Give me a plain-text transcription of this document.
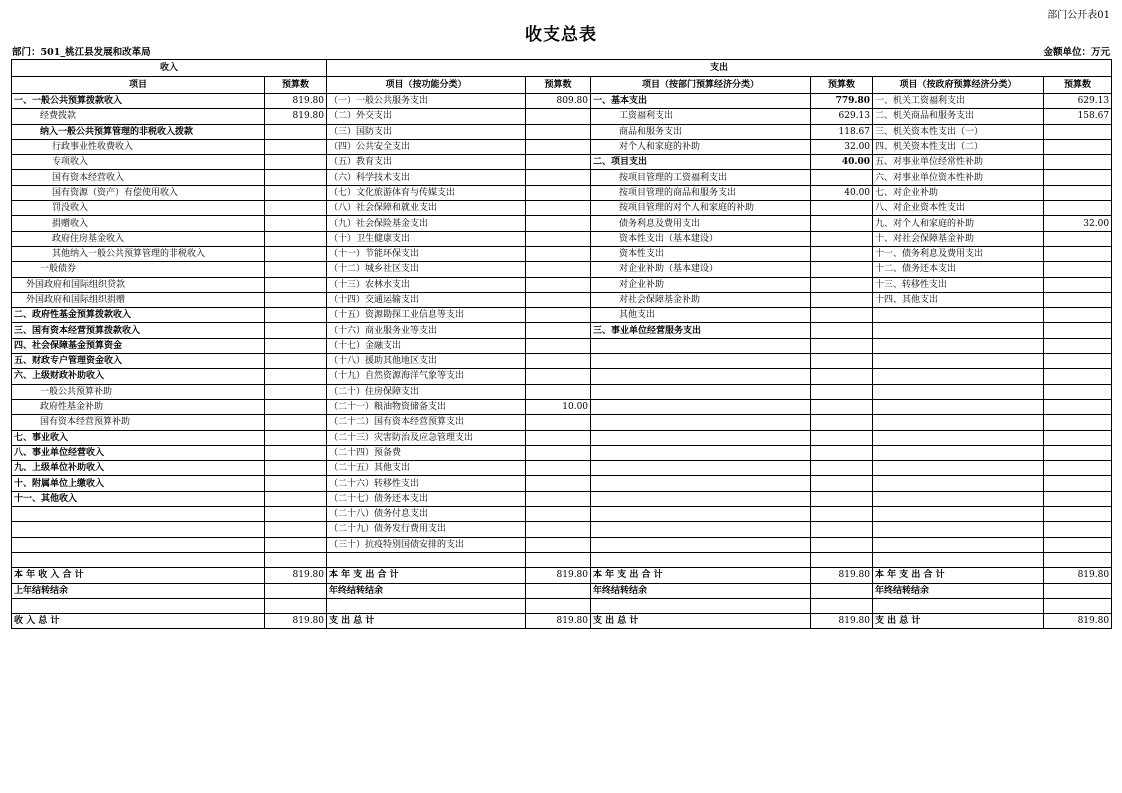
部门公开表01
收支总表
部门：501_桃江县发展和改革局	金额单位：万元
收入		支出					
项目	预算数	项目（按功能分类）	预算数	项目（按部门预算经济分类）	预算数	项目（按政府预算经济分类）	预算数
一、一般公共预算拨款收入	819.80	（一）一般公共服务支出	809.80	一、基本支出	779.80	一、机关工资福利支出	629.13
经费拨款	819.80	（二）外交支出		工资福利支出	629.13	二、机关商品和服务支出	158.67
纳入一般公共预算管理的非税收入拨款		（三）国防支出		商品和服务支出	118.67	三、机关资本性支出（一）	
行政事业性收费收入		（四）公共安全支出		对个人和家庭的补助	32.00	四、机关资本性支出（二）	
专项收入		（五）教育支出		二、项目支出	40.00	五、对事业单位经常性补助	
国有资本经营收入		（六）科学技术支出		按项目管理的工资福利支出		六、对事业单位资本性补助	
国有资源（资产）有偿使用收入		（七）文化旅游体育与传媒支出		按项目管理的商品和服务支出	40.00	七、对企业补助	
罚没收入		（八）社会保障和就业支出		按项目管理的对个人和家庭的补助		八、对企业资本性支出	
捐赠收入		（九）社会保险基金支出		债务利息及费用支出		九、对个人和家庭的补助	32.00
政府住房基金收入		（十）卫生健康支出		资本性支出（基本建设）		十、对社会保障基金补助	
其他纳入一般公共预算管理的非税收入		（十一）节能环保支出		资本性支出		十一、债务利息及费用支出	
一般债券		（十二）城乡社区支出		对企业补助（基本建设）		十二、债务还本支出	
外国政府和国际组织贷款		（十三）农林水支出		对企业补助		十三、转移性支出	
外国政府和国际组织捐赠		（十四）交通运输支出		对社会保障基金补助		十四、其他支出	
二、政府性基金预算拨款收入		（十五）资源勘探工业信息等支出		其他支出			
三、国有资本经营预算拨款收入		（十六）商业服务业等支出		三、事业单位经营服务支出			
四、社会保障基金预算资金		（十七）金融支出					
五、财政专户管理资金收入		（十八）援助其他地区支出					
六、上级财政补助收入		（十九）自然资源海洋气象等支出					
一般公共预算补助		（二十）住房保障支出					
政府性基金补助		（二十一）粮油物资储备支出	10.00				
国有资本经营预算补助		（二十二）国有资本经营预算支出					
七、事业收入		（二十三）灾害防治及应急管理支出					
八、事业单位经营收入		（二十四）预备费					
九、上级单位补助收入		（二十五）其他支出					
十、附属单位上缴收入		（二十六）转移性支出					
十一、其他收入		（二十七）债务还本支出					
		（二十八）债务付息支出					
		（二十九）债务发行费用支出					
		（三十）抗疫特别国债安排的支出					

本 年 收 入 合 计	819.80	本 年 支 出 合 计	819.80	本 年 支 出 合 计	819.80	本 年 支 出 合 计	819.80
上年结转结余		年终结转结余		年终结转结余		年终结转结余	

收 入 总 计	819.80	支 出 总 计	819.80	支 出 总 计	819.80	支 出 总 计	819.80
